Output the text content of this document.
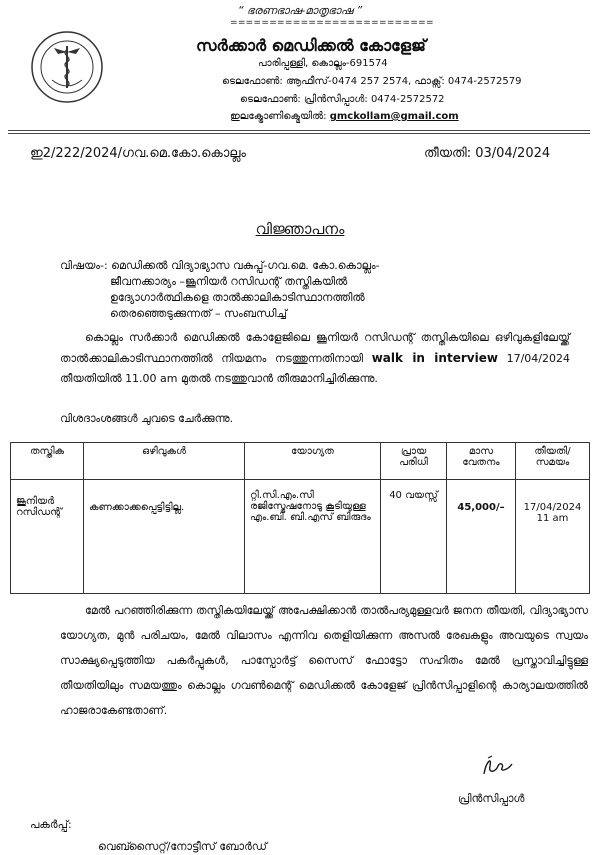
“ ഭരണഭാഷ-മാതൃഭാഷ ”
==========================
സർക്കാർ മെഡിക്കൽ കോളേജ്
പാരിപ്പള്ളി, കൊല്ലം-691574
ടെലഫോൺ: ആഫീസ്-0474 257 2574, ഫാക്സ്: 0474-2572579
ടെലഫോൺ: പ്രിൻസിപ്പാൾ: 0474-2572572
ഇലക്ട്രോണിക്മെയിൽ: gmckollam@gmail.com
ഇ2/222/2024/ഗവ.മെ.കോ.കൊല്ലം	തീയതി: 03/04/2024
വിജ്ഞാപനം
വിഷയം-: മെഡിക്കൽ വിദ്യാഭ്യാസ വകുപ്പ്-ഗവ.മെ. കോ.കൊല്ലം-
ജീവനക്കാര്യം –ജൂനിയർ റസിഡന്റ് തസ്തികയിൽ
ഉദ്യോഗാർത്ഥികളെ താൽക്കാലികാടിസ്ഥാനത്തിൽ
തെരഞ്ഞെടുക്കുന്നത് – സംബന്ധിച്ച്
കൊല്ലം സർക്കാർ മെഡിക്കൽ കോളേജിലെ ജൂനിയർ റസിഡന്റ് തസ്തികയിലെ ഒഴിവുകളിലേയ്ക്ക് താൽക്കാലികാടിസ്ഥാനത്തിൽ നിയമനം നടത്തുന്നതിനായി walk in interview 17/04/2024 തീയതിയിൽ 11.00 am മുതൽ നടത്തുവാൻ തീരുമാനിച്ചിരിക്കുന്നു.
വിശദാംശങ്ങൾ ചുവടെ ചേർക്കുന്നു.
തസ്തിക	ഒഴിവുകൾ	യോഗ്യത	പ്രായ പരിധി	മാസ വേതനം	തീയതി/ സമയം
ജൂനിയർ റസിഡന്റ്	കണക്കാക്കപ്പെട്ടിട്ടില്ല.	റ്റി.സി.എം.സി രജിസ്ട്രേഷനോടു കൂടിയുള്ള എം.ബി. ബി.എസ് ബിരുദം	40 വയസ്സ്	45,000/–	17/04/2024 11 am
മേൽ പറഞ്ഞിരിക്കുന്ന തസ്തികയിലേയ്ക്ക് അപേക്ഷിക്കാൻ താൽപര്യമുള്ളവർ ജനന തീയതി, വിദ്യാഭ്യാസ യോഗ്യത, മുൻ പരിചയം, മേൽ വിലാസം എന്നിവ തെളിയിക്കുന്ന അസൽ രേഖകളും അവയുടെ സ്വയം സാക്ഷ്യപ്പെടുത്തിയ പകർപ്പുകൾ, പാസ്പോർട്ട് സൈസ് ഫോട്ടോ സഹിതം മേൽ പ്രസ്താവിച്ചിട്ടുള്ള തീയതിയിലും സമയത്തും കൊല്ലം ഗവൺമെന്റ് മെഡിക്കൽ കോളേജ് പ്രിൻസിപ്പാളിന്റെ കാര്യാലയത്തിൽ ഹാജരാകേണ്ടതാണ്.
പ്രിൻസിപ്പാൾ
പകർപ്പ്:
വെബ്സൈറ്റ്/നോട്ടീസ് ബോർഡ്
